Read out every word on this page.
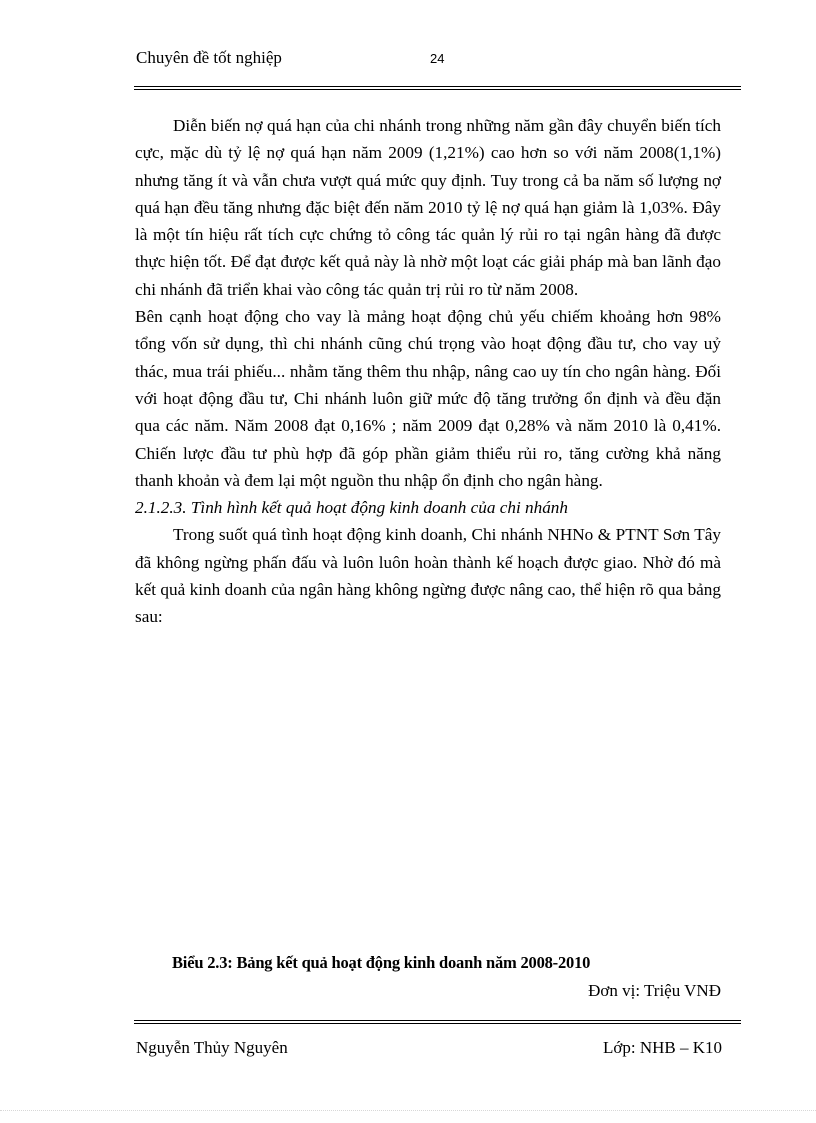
Chuyên đề tốt nghiệp	24

Diễn biến nợ quá hạn của chi nhánh trong những năm gần đây chuyển biến tích cực, mặc dù tỷ lệ nợ quá hạn năm 2009 (1,21%) cao hơn so với năm 2008(1,1%) nhưng tăng ít và vẫn chưa vượt quá mức quy định. Tuy trong cả ba năm số lượng nợ quá hạn đều tăng nhưng đặc biệt đến năm 2010 tỷ lệ nợ quá hạn giảm là 1,03%. Đây là một tín hiệu rất tích cực chứng tỏ công tác quản lý rủi ro tại ngân hàng đã được thực hiện tốt. Để đạt được kết quả này là nhờ một loạt các giải pháp mà ban lãnh đạo chi nhánh đã triển khai vào công tác quản trị rủi ro từ năm 2008.

Bên cạnh hoạt động cho vay là mảng hoạt động chủ yếu chiếm khoảng hơn 98% tổng vốn sử dụng, thì chi nhánh cũng chú trọng vào hoạt động đầu tư, cho vay uỷ thác, mua trái phiếu... nhằm tăng thêm thu nhập, nâng cao uy tín cho ngân hàng. Đối với hoạt động đầu tư, Chi nhánh luôn giữ mức độ tăng trưởng ổn định và đều đặn qua các năm. Năm 2008 đạt 0,16% ; năm 2009 đạt 0,28% và năm 2010 là 0,41%. Chiến lược đầu tư phù hợp đã góp phần giảm thiểu rủi ro, tăng cường khả năng thanh khoản và đem lại một nguồn thu nhập ổn định cho ngân hàng.

2.1.2.3. Tình hình kết quả hoạt động kinh doanh của chi nhánh

Trong suốt quá tình hoạt động kinh doanh, Chi nhánh NHNo & PTNT Sơn Tây đã không ngừng phấn đấu và luôn luôn hoàn thành kế hoạch được giao. Nhờ đó mà kết quả kinh doanh của ngân hàng không ngừng được nâng cao, thể hiện rõ qua bảng sau:

Biểu 2.3: Bảng kết quả hoạt động kinh doanh năm 2008-2010
Đơn vị: Triệu VNĐ
Nguyễn Thủy Nguyên	Lớp: NHB – K10
